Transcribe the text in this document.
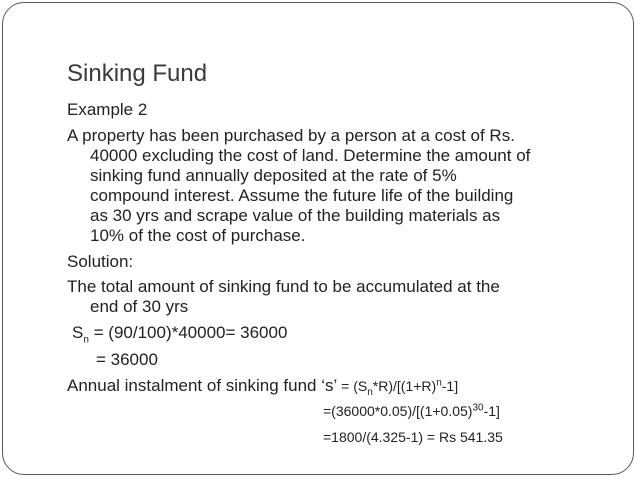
Sinking Fund
Example 2
A property has been purchased by a person at a cost of Rs.
40000 excluding the cost of land. Determine the amount of
sinking fund annually deposited at the rate of 5%
compound interest. Assume the future life of the building
as 30 yrs and scrape value of the building materials as
10% of the cost of purchase.
Solution:
The total amount of sinking fund to be accumulated at the
end of 30 yrs
$S_n = (90/100)*40000= 36000$
= 36000
Annual instalment of sinking fund ‘s’ = $(S_n*R)/[(1+R)^n-1]$
$=(36000*0.05)/[(1+0.05)^{30}-1]$
=1800/(4.325-1) = Rs 541.35
